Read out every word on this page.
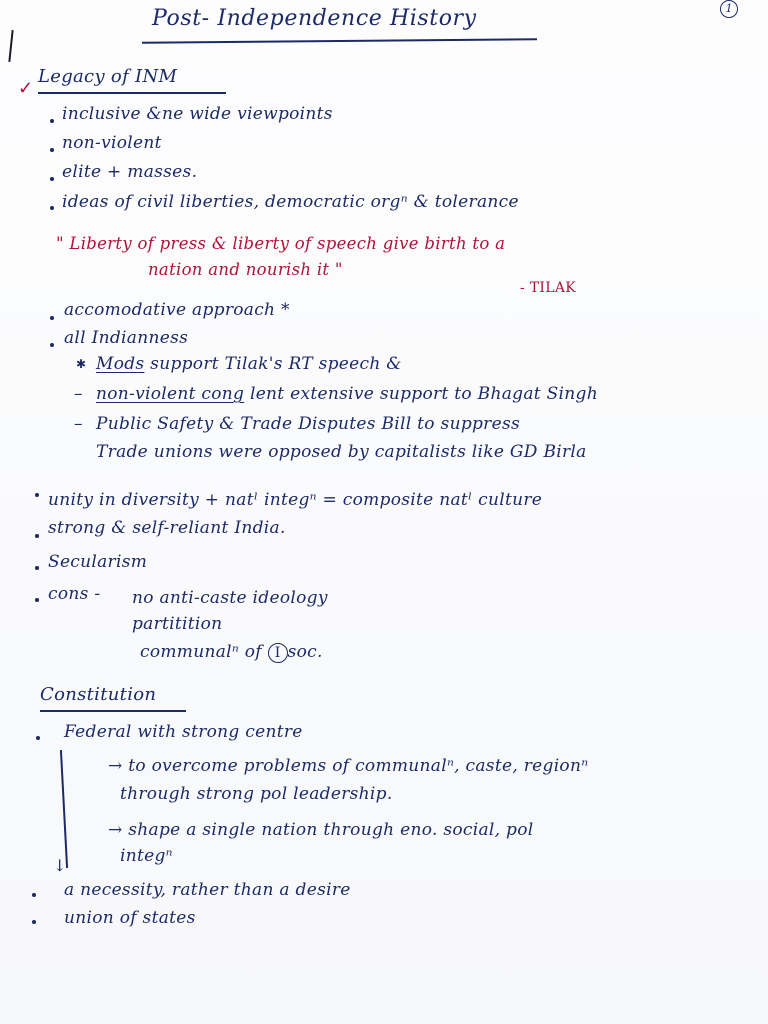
1
Post- Independence History
✓
Legacy of INM
inclusive &ne wide viewpoints
non-violent
elite + masses.
ideas of civil liberties, democratic orgⁿ & tolerance
" Liberty of press & liberty of speech give birth to a
nation and nourish it "
- TILAK
accomodative approach *
all Indianness
✱ Mods support Tilak's RT speech &
– non-violent cong lent extensive support to Bhagat Singh
– Public Safety & Trade Disputes Bill to suppress
Trade unions were opposed by capitalists like GD Birla
unity in diversity + natˡ integⁿ = composite natˡ culture
strong & self-reliant India.
Secularism
cons - no anti-caste ideology
partitition
communalⁿ of I soc.
Constitution
Federal with strong centre
↓
→ to overcome problems of communalⁿ, caste, regionⁿ
through strong pol leadership.
→ shape a single nation through eno. social, pol
integⁿ
a necessity, rather than a desire
union of states
